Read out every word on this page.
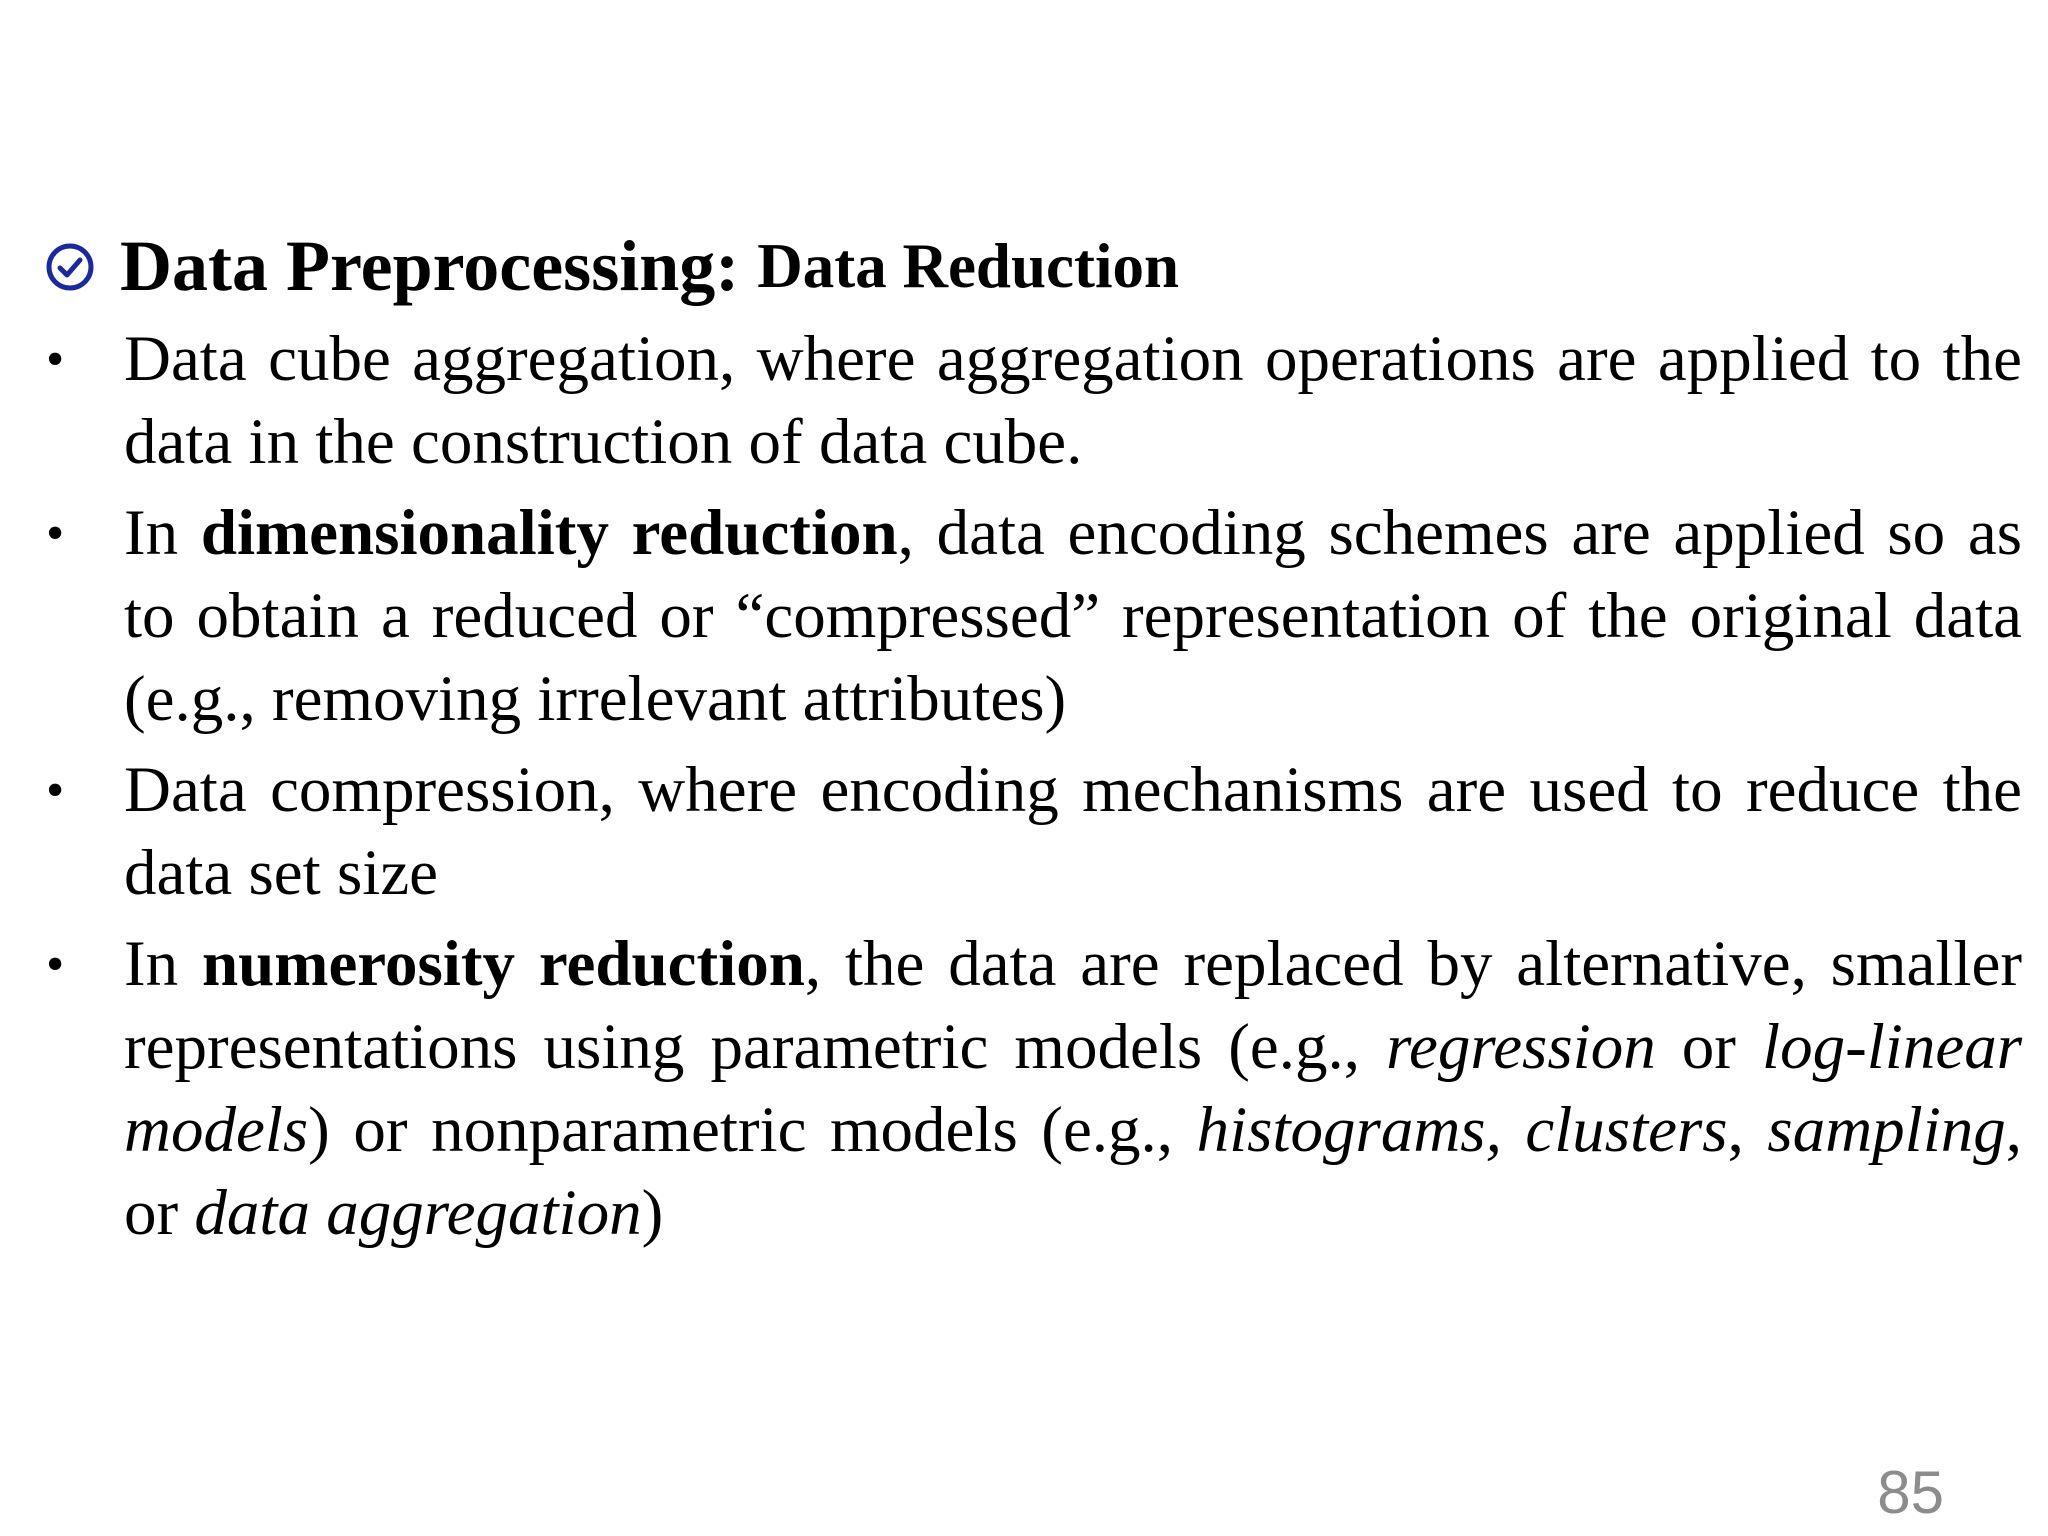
Data Preprocessing: Data Reduction
• Data cube aggregation, where aggregation operations are applied to the data in the construction of data cube.
• In dimensionality reduction, data encoding schemes are applied so as to obtain a reduced or “compressed” representation of the original data (e.g., removing irrelevant attributes)
• Data compression, where encoding mechanisms are used to reduce the data set size
• In numerosity reduction, the data are replaced by alternative, smaller representations using parametric models (e.g., regression or log-linear models) or nonparametric models (e.g., histograms, clusters, sampling, or data aggregation)
85
